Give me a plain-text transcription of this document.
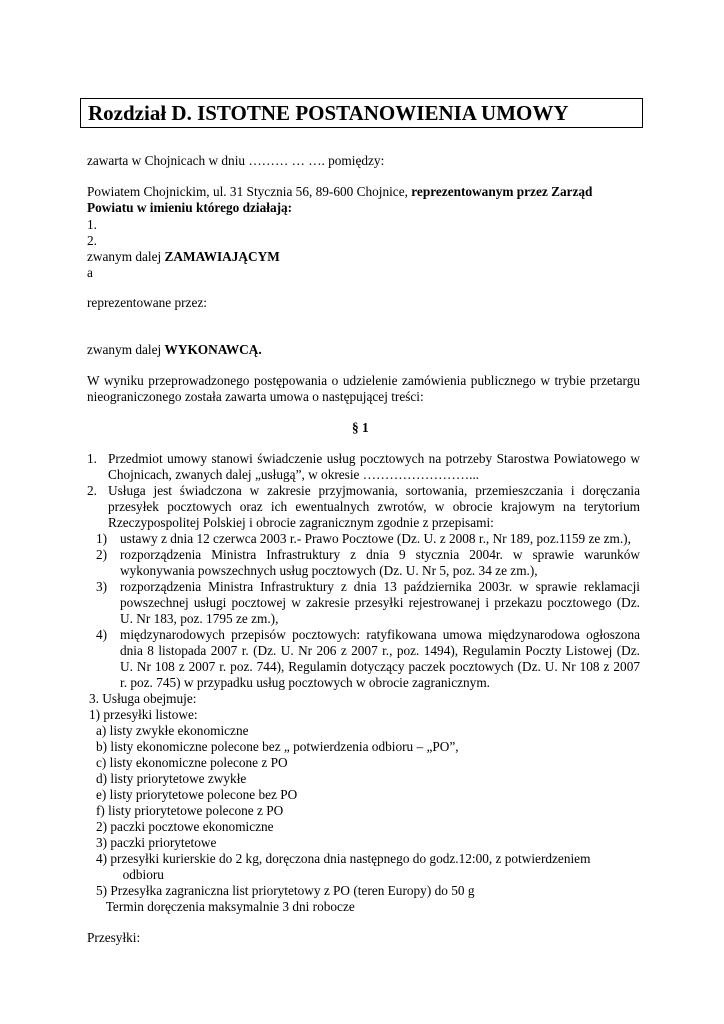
Rozdział D. ISTOTNE POSTANOWIENIA UMOWY
zawarta w Chojnicach w dniu ……… … …. pomiędzy:
Powiatem Chojnickim, ul. 31 Stycznia 56, 89-600 Chojnice, reprezentowanym przez Zarząd
Powiatu w imieniu którego działają:
1.
2.
zwanym dalej ZAMAWIAJĄCYM
a
reprezentowane przez:
zwanym dalej WYKONAWCĄ.
W wyniku przeprowadzonego postępowania o udzielenie zamówienia publicznego w trybie przetargu
nieograniczonego została zawarta umowa o następującej treści:
§ 1
1. Przedmiot umowy stanowi świadczenie usług pocztowych na potrzeby Starostwa Powiatowego w
Chojnicach, zwanych dalej „usługą”, w okresie ……………………...
2. Usługa jest świadczona w zakresie przyjmowania, sortowania, przemieszczania i doręczania
przesyłek pocztowych oraz ich ewentualnych zwrotów, w obrocie krajowym na terytorium
Rzeczypospolitej Polskiej i obrocie zagranicznym zgodnie z przepisami:
1) ustawy z dnia 12 czerwca 2003 r.- Prawo Pocztowe (Dz. U. z 2008 r., Nr 189, poz.1159 ze zm.),
2) rozporządzenia Ministra Infrastruktury z dnia 9 stycznia 2004r. w sprawie warunków
wykonywania powszechnych usług pocztowych (Dz. U. Nr 5, poz. 34 ze zm.),
3) rozporządzenia Ministra Infrastruktury z dnia 13 października 2003r. w sprawie reklamacji
powszechnej usługi pocztowej w zakresie przesyłki rejestrowanej i przekazu pocztowego (Dz.
U. Nr 183, poz. 1795 ze zm.),
4) międzynarodowych przepisów pocztowych: ratyfikowana umowa międzynarodowa ogłoszona
dnia 8 listopada 2007 r. (Dz. U. Nr 206 z 2007 r., poz. 1494), Regulamin Poczty Listowej (Dz.
U. Nr 108 z 2007 r. poz. 744), Regulamin dotyczący paczek pocztowych (Dz. U. Nr 108 z 2007
r. poz. 745) w przypadku usług pocztowych w obrocie zagranicznym.
3. Usługa obejmuje:
1) przesyłki listowe:
a) listy zwykłe ekonomiczne
b) listy ekonomiczne polecone bez „ potwierdzenia odbioru – „PO”,
c) listy ekonomiczne polecone z PO
d) listy priorytetowe zwykłe
e) listy priorytetowe polecone bez PO
f) listy priorytetowe polecone z PO
2) paczki pocztowe ekonomiczne
3) paczki priorytetowe
4) przesyłki kurierskie do 2 kg, doręczona dnia następnego do godz.12:00, z potwierdzeniem
odbioru
5) Przesyłka zagraniczna list priorytetowy z PO (teren Europy) do 50 g
Termin doręczenia maksymalnie 3 dni robocze
Przesyłki:
